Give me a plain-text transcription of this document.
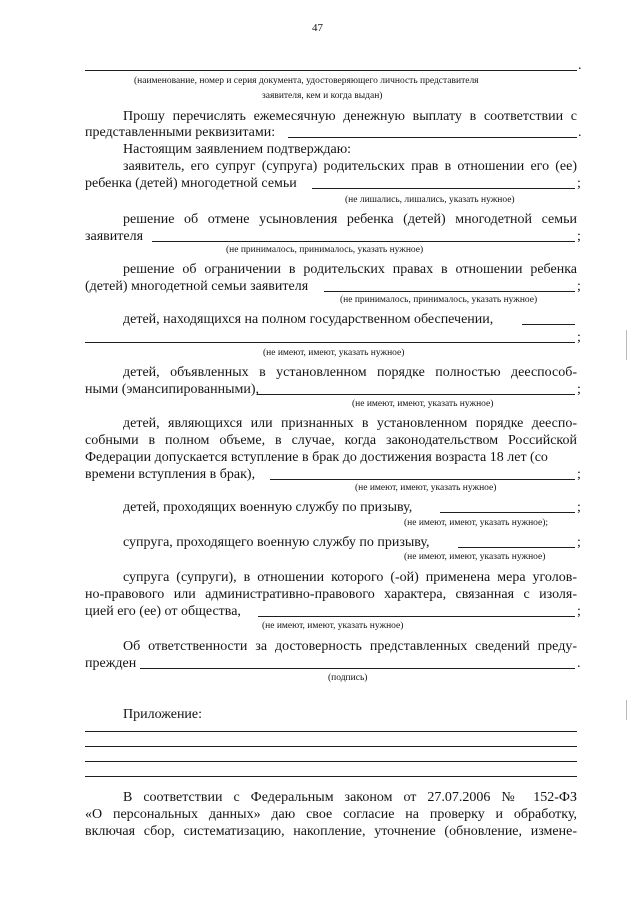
47
.
(наименование, номер и серия документа, удостоверяющего личность представителя
заявителя, кем и когда выдан)
Прошу перечислять ежемесячную денежную выплату в соответствии с
представленными реквизитами:	.
Настоящим заявлением подтверждаю:
заявитель, его супруг (супруга) родительских прав в отношении его (ее)
ребенка (детей) многодетной семьи	;
(не лишались, лишались, указать нужное)
решение об отмене усыновления ребенка (детей) многодетной семьи
заявителя	;
(не принималось, принималось, указать нужное)
решение об ограничении в родительских правах в отношении ребенка
(детей) многодетной семьи заявителя	;
(не принималось, принималось, указать нужное)
детей, находящихся на полном государственном обеспечении,
;
(не имеют, имеют, указать нужное)
детей, объявленных в установленном порядке полностью дееспособ-
ными (эмансипированными),	;
(не имеют, имеют, указать нужное)
детей, являющихся или признанных в установленном порядке дееспо-
собными в полном объеме, в случае, когда законодательством Российской
Федерации допускается вступление в брак до достижения возраста 18 лет (со
времени вступления в брак),	;
(не имеют, имеют, указать нужное)
детей, проходящих военную службу по призыву,	;
(не имеют, имеют, указать нужное);
супруга, проходящего военную службу по призыву,	;
(не имеют, имеют, указать нужное)
супруга (супруги), в отношении которого (-ой) применена мера уголов-
но-правового или административно-правового характера, связанная с изоля-
цией его (ее) от общества,	;
(не имеют, имеют, указать нужное)
Об ответственности за достоверность представленных сведений преду-
прежден	.
(подпись)
Приложение:
В соответствии с Федеральным законом от 27.07.2006 № 152-ФЗ
«О персональных данных» даю свое согласие на проверку и обработку,
включая сбор, систематизацию, накопление, уточнение (обновление, измене-
